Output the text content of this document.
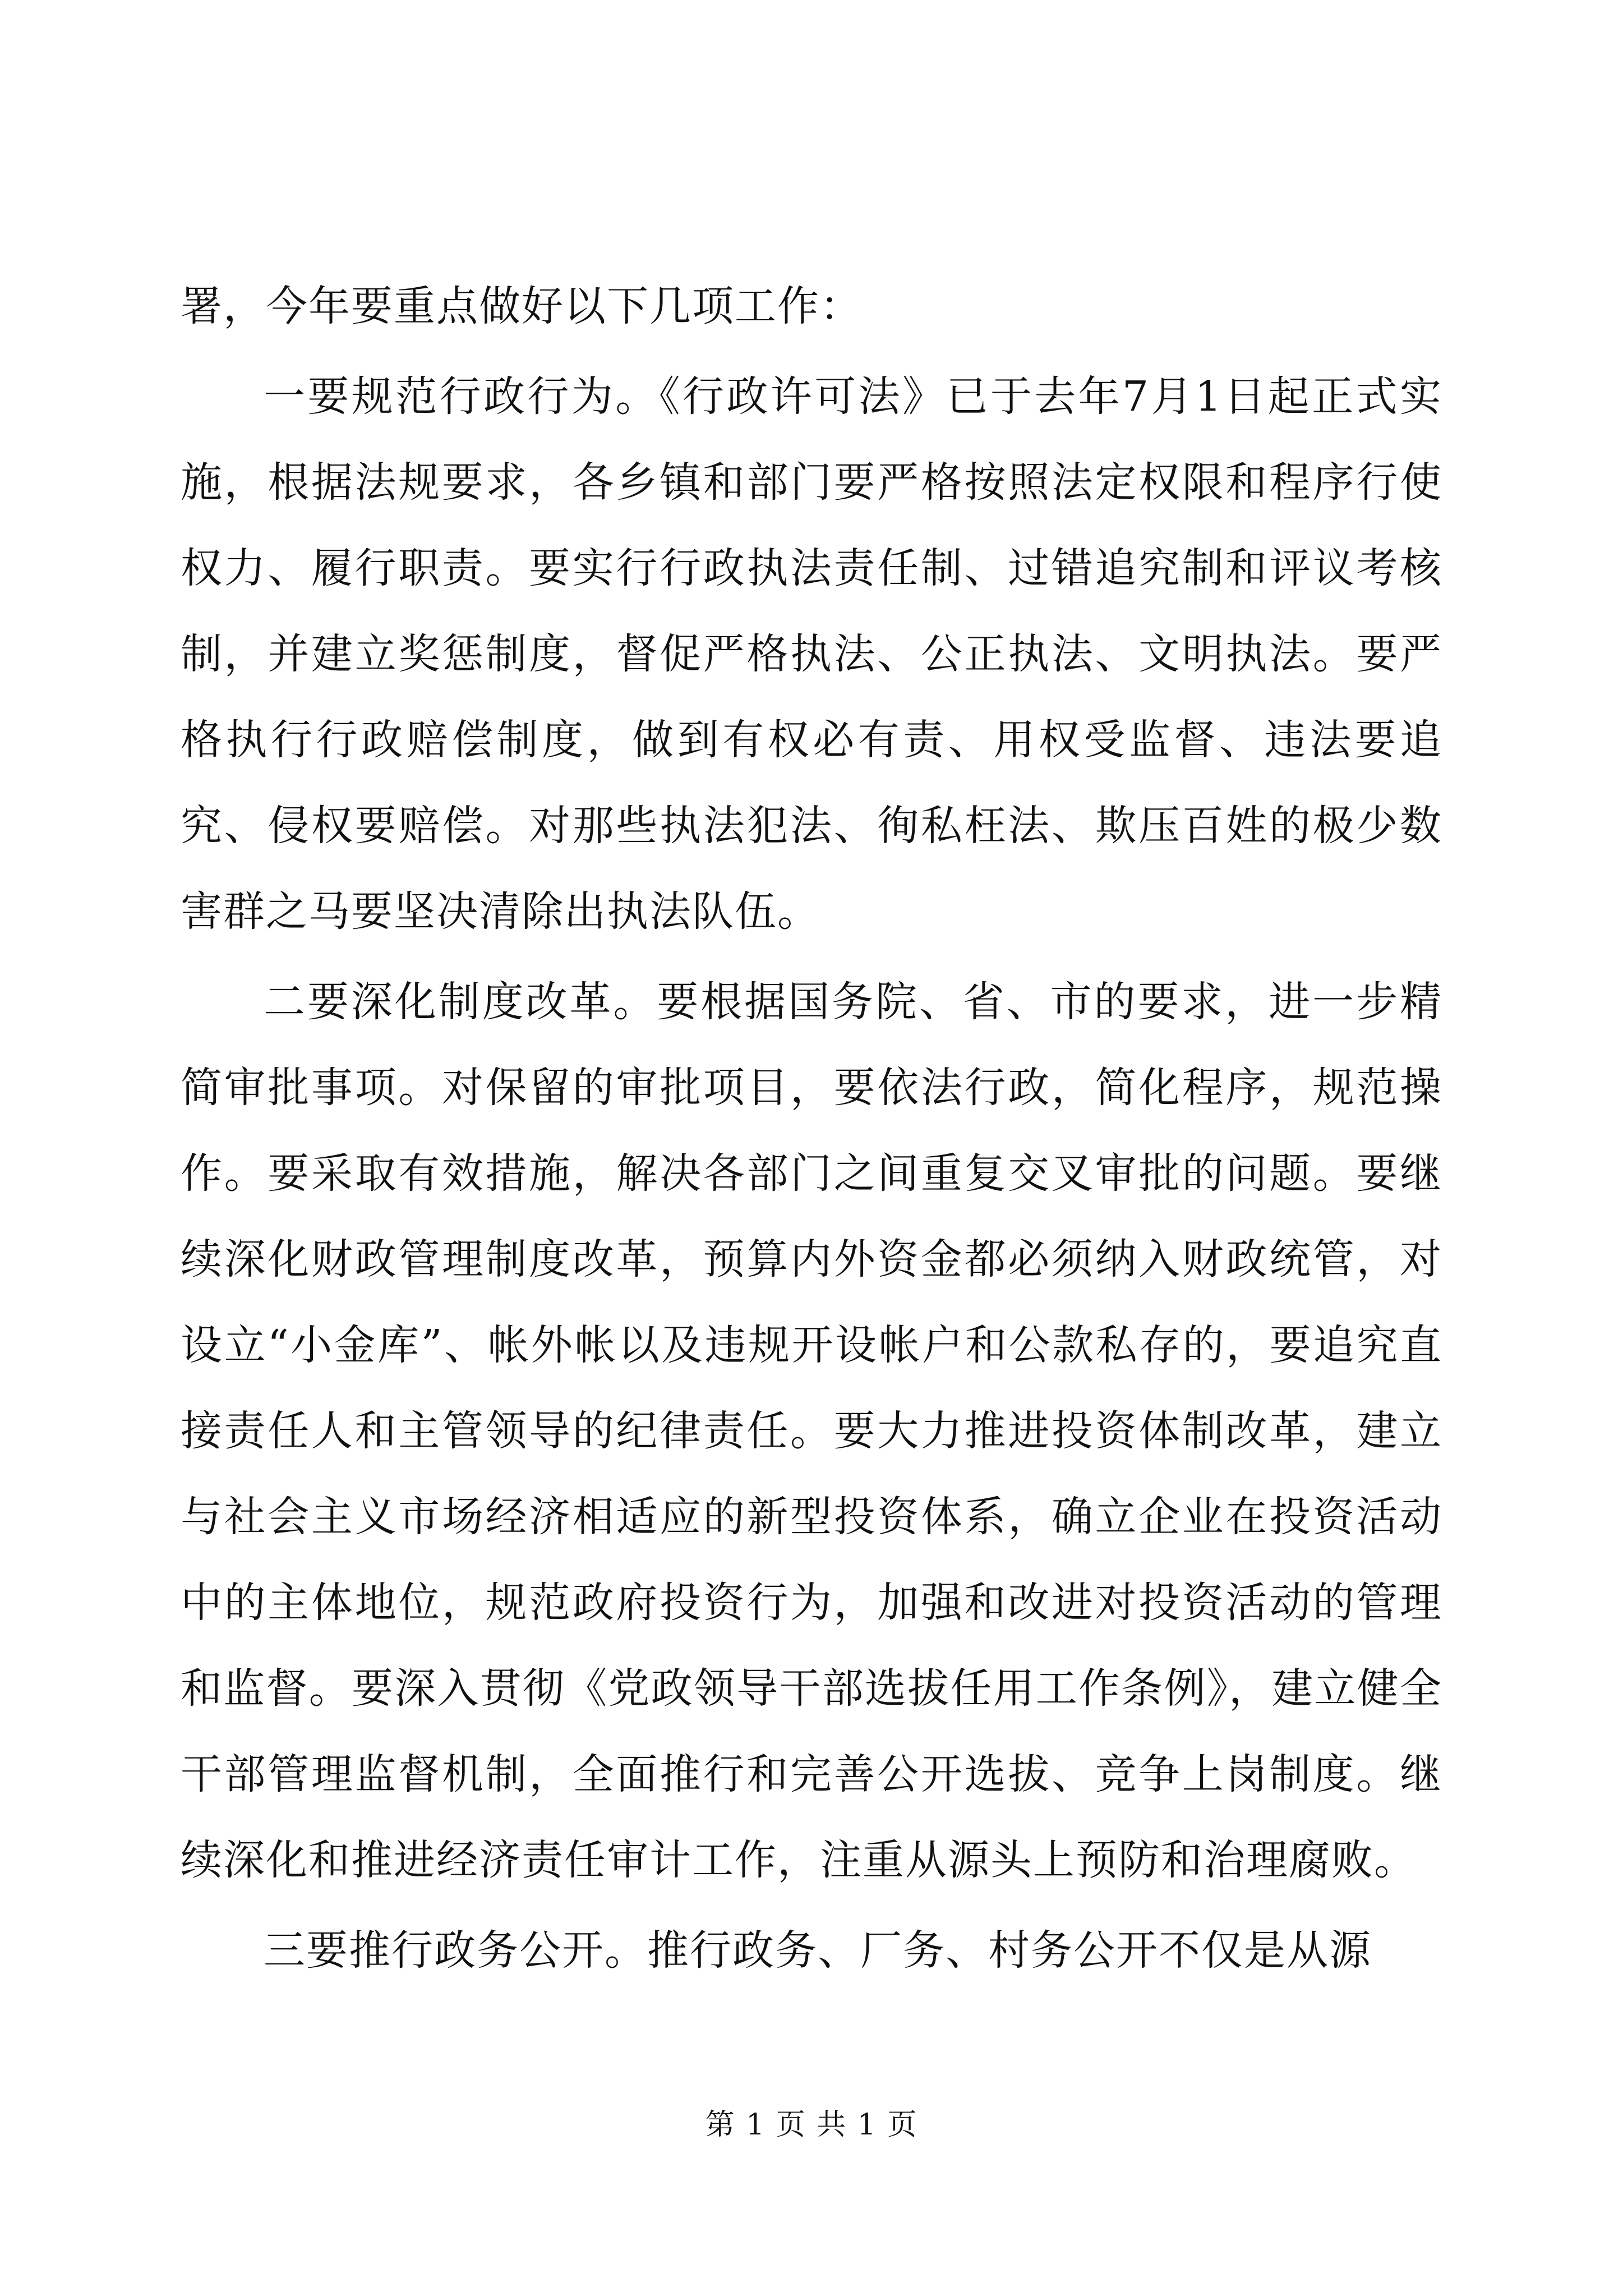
署，今年要重点做好以下几项工作：

一要规范行政行为。《行政许可法》已于去年7月1日起正式实施，根据法规要求，各乡镇和部门要严格按照法定权限和程序行使权力、履行职责。要实行行政执法责任制、过错追究制和评议考核制，并建立奖惩制度，督促严格执法、公正执法、文明执法。要严格执行行政赔偿制度，做到有权必有责、用权受监督、违法要追究、侵权要赔偿。对那些执法犯法、徇私枉法、欺压百姓的极少数害群之马要坚决清除出执法队伍。

二要深化制度改革。要根据国务院、省、市的要求，进一步精简审批事项。对保留的审批项目，要依法行政，简化程序，规范操作。要采取有效措施，解决各部门之间重复交叉审批的问题。要继续深化财政管理制度改革，预算内外资金都必须纳入财政统管，对设立“小金库”、帐外帐以及违规开设帐户和公款私存的，要追究直接责任人和主管领导的纪律责任。要大力推进投资体制改革，建立与社会主义市场经济相适应的新型投资体系，确立企业在投资活动中的主体地位，规范政府投资行为，加强和改进对投资活动的管理和监督。要深入贯彻《党政领导干部选拔任用工作条例》，建立健全干部管理监督机制，全面推行和完善公开选拔、竞争上岗制度。继续深化和推进经济责任审计工作，注重从源头上预防和治理腐败。

三要推行政务公开。推行政务、厂务、村务公开不仅是从源

第 1 页 共 1 页
